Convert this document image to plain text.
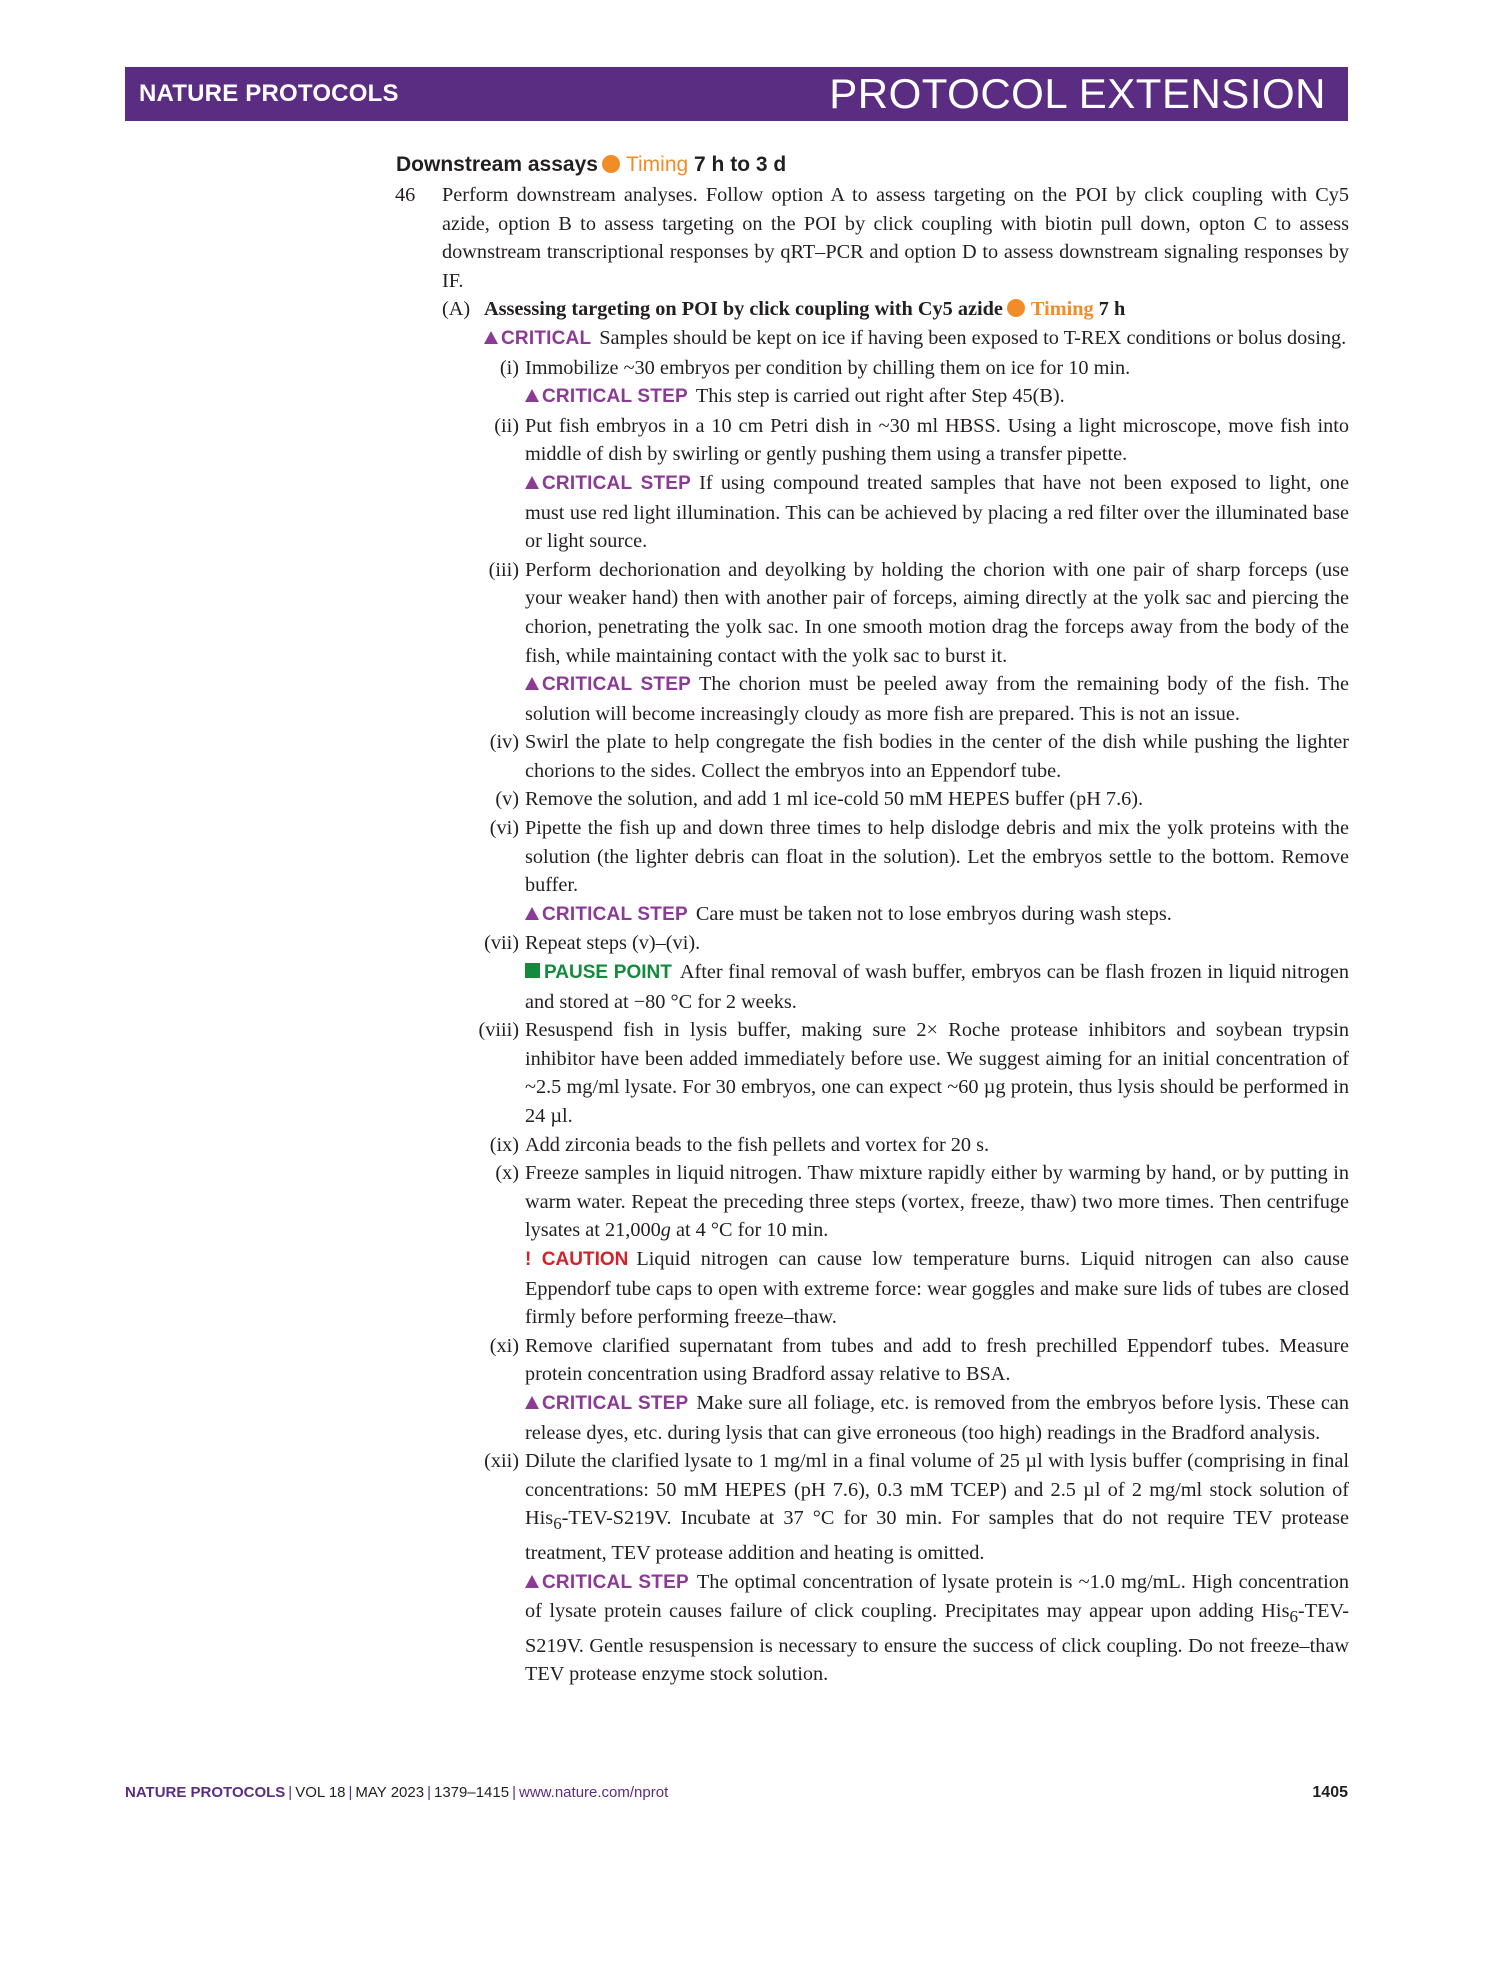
NATURE PROTOCOLS	PROTOCOL EXTENSION
Downstream assays Timing 7 h to 3 d
46 Perform downstream analyses. Follow option A to assess targeting on the POI by click coupling with Cy5 azide, option B to assess targeting on the POI by click coupling with biotin pull down, opton C to assess downstream transcriptional responses by qRT–PCR and option D to assess downstream signaling responses by IF.
(A) Assessing targeting on POI by click coupling with Cy5 azide Timing 7 h
CRITICAL Samples should be kept on ice if having been exposed to T-REX conditions or bolus dosing.
(i) Immobilize ~30 embryos per condition by chilling them on ice for 10 min.
CRITICAL STEP This step is carried out right after Step 45(B).
(ii) Put fish embryos in a 10 cm Petri dish in ~30 ml HBSS. Using a light microscope, move fish into middle of dish by swirling or gently pushing them using a transfer pipette.
CRITICAL STEP If using compound treated samples that have not been exposed to light, one must use red light illumination. This can be achieved by placing a red filter over the illuminated base or light source.
(iii) Perform dechorionation and deyolking by holding the chorion with one pair of sharp forceps (use your weaker hand) then with another pair of forceps, aiming directly at the yolk sac and piercing the chorion, penetrating the yolk sac. In one smooth motion drag the forceps away from the body of the fish, while maintaining contact with the yolk sac to burst it.
CRITICAL STEP The chorion must be peeled away from the remaining body of the fish. The solution will become increasingly cloudy as more fish are prepared. This is not an issue.
(iv) Swirl the plate to help congregate the fish bodies in the center of the dish while pushing the lighter chorions to the sides. Collect the embryos into an Eppendorf tube.
(v) Remove the solution, and add 1 ml ice-cold 50 mM HEPES buffer (pH 7.6).
(vi) Pipette the fish up and down three times to help dislodge debris and mix the yolk proteins with the solution (the lighter debris can float in the solution). Let the embryos settle to the bottom. Remove buffer.
CRITICAL STEP Care must be taken not to lose embryos during wash steps.
(vii) Repeat steps (v)–(vi).
PAUSE POINT After final removal of wash buffer, embryos can be flash frozen in liquid nitrogen and stored at −80 °C for 2 weeks.
(viii) Resuspend fish in lysis buffer, making sure 2× Roche protease inhibitors and soybean trypsin inhibitor have been added immediately before use. We suggest aiming for an initial concentration of ~2.5 mg/ml lysate. For 30 embryos, one can expect ~60 µg protein, thus lysis should be performed in 24 µl.
(ix) Add zirconia beads to the fish pellets and vortex for 20 s.
(x) Freeze samples in liquid nitrogen. Thaw mixture rapidly either by warming by hand, or by putting in warm water. Repeat the preceding three steps (vortex, freeze, thaw) two more times. Then centrifuge lysates at 21,000g at 4 °C for 10 min.
! CAUTION Liquid nitrogen can cause low temperature burns. Liquid nitrogen can also cause Eppendorf tube caps to open with extreme force: wear goggles and make sure lids of tubes are closed firmly before performing freeze–thaw.
(xi) Remove clarified supernatant from tubes and add to fresh prechilled Eppendorf tubes. Measure protein concentration using Bradford assay relative to BSA.
CRITICAL STEP Make sure all foliage, etc. is removed from the embryos before lysis. These can release dyes, etc. during lysis that can give erroneous (too high) readings in the Bradford analysis.
(xii) Dilute the clarified lysate to 1 mg/ml in a final volume of 25 µl with lysis buffer (comprising in final concentrations: 50 mM HEPES (pH 7.6), 0.3 mM TCEP) and 2.5 µl of 2 mg/ml stock solution of His$_6$-TEV-S219V. Incubate at 37 °C for 30 min. For samples that do not require TEV protease treatment, TEV protease addition and heating is omitted.
CRITICAL STEP The optimal concentration of lysate protein is ~1.0 mg/mL. High concentration of lysate protein causes failure of click coupling. Precipitates may appear upon adding His$_6$-TEV-S219V. Gentle resuspension is necessary to ensure the success of click coupling. Do not freeze–thaw TEV protease enzyme stock solution.
NATURE PROTOCOLS | VOL 18 | MAY 2023 | 1379–1415 | www.nature.com/nprot	1405
